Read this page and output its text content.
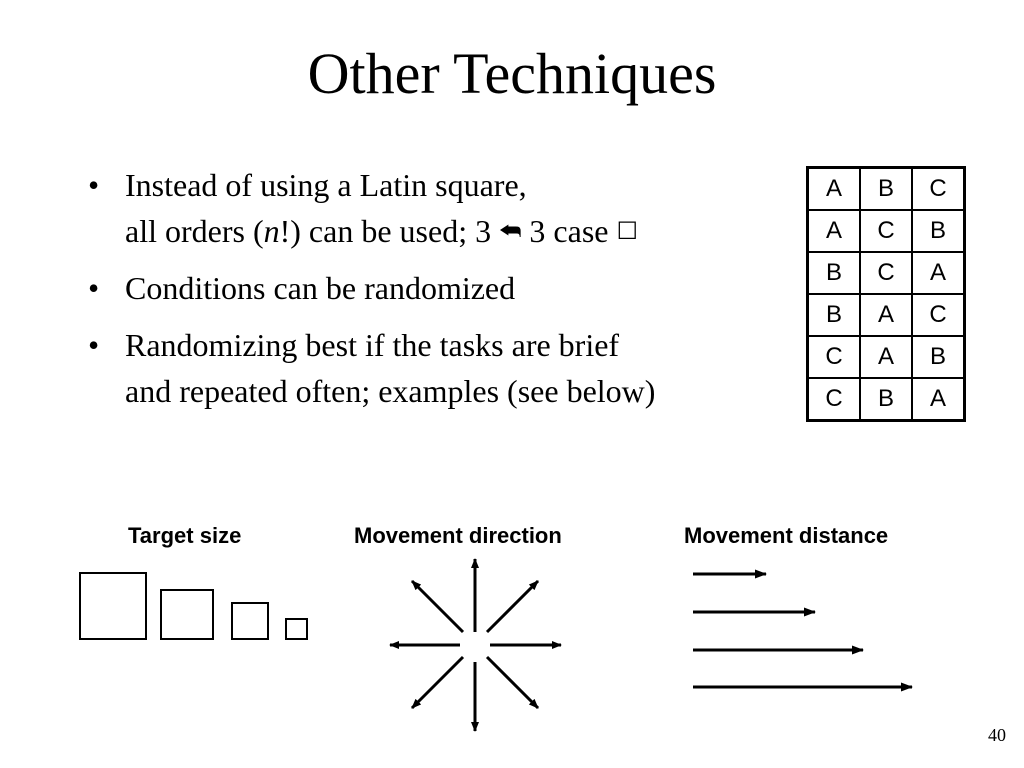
Other Techniques
• Instead of using a Latin square,
all orders (n!) can be used; 3 ⮪ 3 case ☐
• Conditions can be randomized
• Randomizing best if the tasks are brief
and repeated often; examples (see below)
A	B	C
A	C	B
B	C	A
B	A	C
C	A	B
C	B	A
Target size	Movement direction	Movement distance
40
